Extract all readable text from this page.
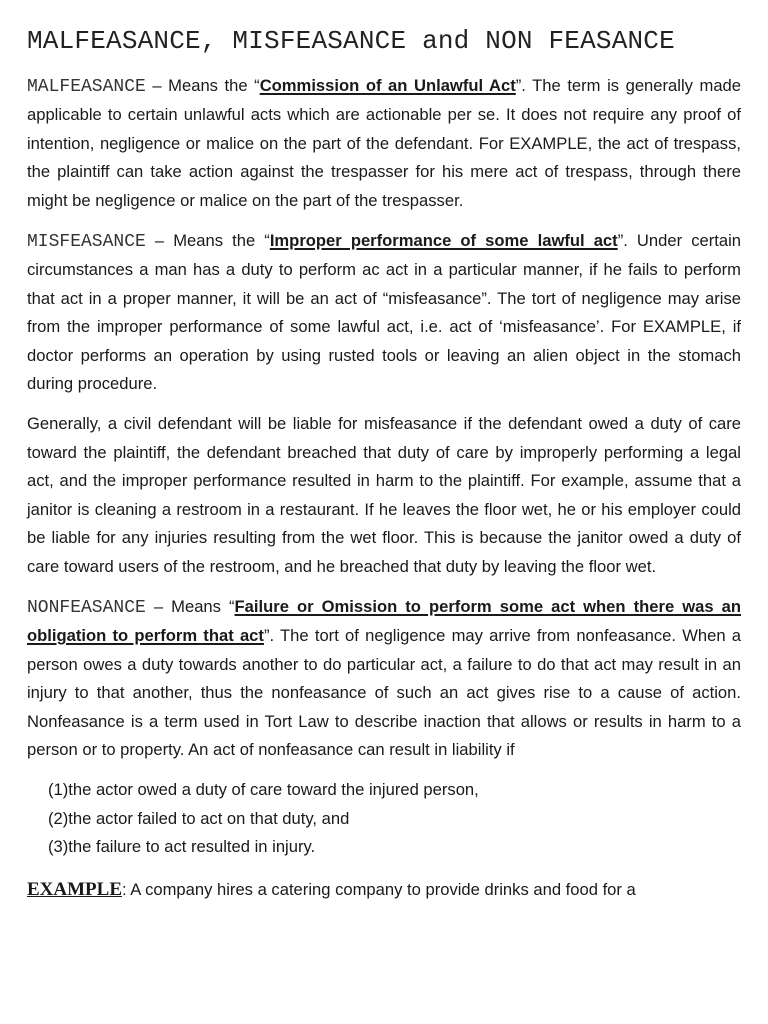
MALFEASANCE, MISFEASANCE and NON FEASANCE

MALFEASANCE – Means the “Commission of an Unlawful Act”. The term is generally made applicable to certain unlawful acts which are actionable per se. It does not require any proof of intention, negligence or malice on the part of the defendant. For EXAMPLE, the act of trespass, the plaintiff can take action against the trespasser for his mere act of trespass, through there might be negligence or malice on the part of the trespasser.

MISFEASANCE – Means the “Improper performance of some lawful act”. Under certain circumstances a man has a duty to perform ac act in a particular manner, if he fails to perform that act in a proper manner, it will be an act of “misfeasance”. The tort of negligence may arise from the improper performance of some lawful act, i.e. act of ‘misfeasance’. For EXAMPLE, if doctor performs an operation by using rusted tools or leaving an alien object in the stomach during procedure.

Generally, a civil defendant will be liable for misfeasance if the defendant owed a duty of care toward the plaintiff, the defendant breached that duty of care by improperly performing a legal act, and the improper performance resulted in harm to the plaintiff. For example, assume that a janitor is cleaning a restroom in a restaurant. If he leaves the floor wet, he or his employer could be liable for any injuries resulting from the wet floor. This is because the janitor owed a duty of care toward users of the restroom, and he breached that duty by leaving the floor wet.

NONFEASANCE – Means “Failure or Omission to perform some act when there was an obligation to perform that act”. The tort of negligence may arrive from nonfeasance. When a person owes a duty towards another to do particular act, a failure to do that act may result in an injury to that another, thus the nonfeasance of such an act gives rise to a cause of action. Nonfeasance is a term used in Tort Law to describe inaction that allows or results in harm to a person or to property. An act of nonfeasance can result in liability if

(1)the actor owed a duty of care toward the injured person,
(2)the actor failed to act on that duty, and
(3)the failure to act resulted in injury.

EXAMPLE: A company hires a catering company to provide drinks and food for a
